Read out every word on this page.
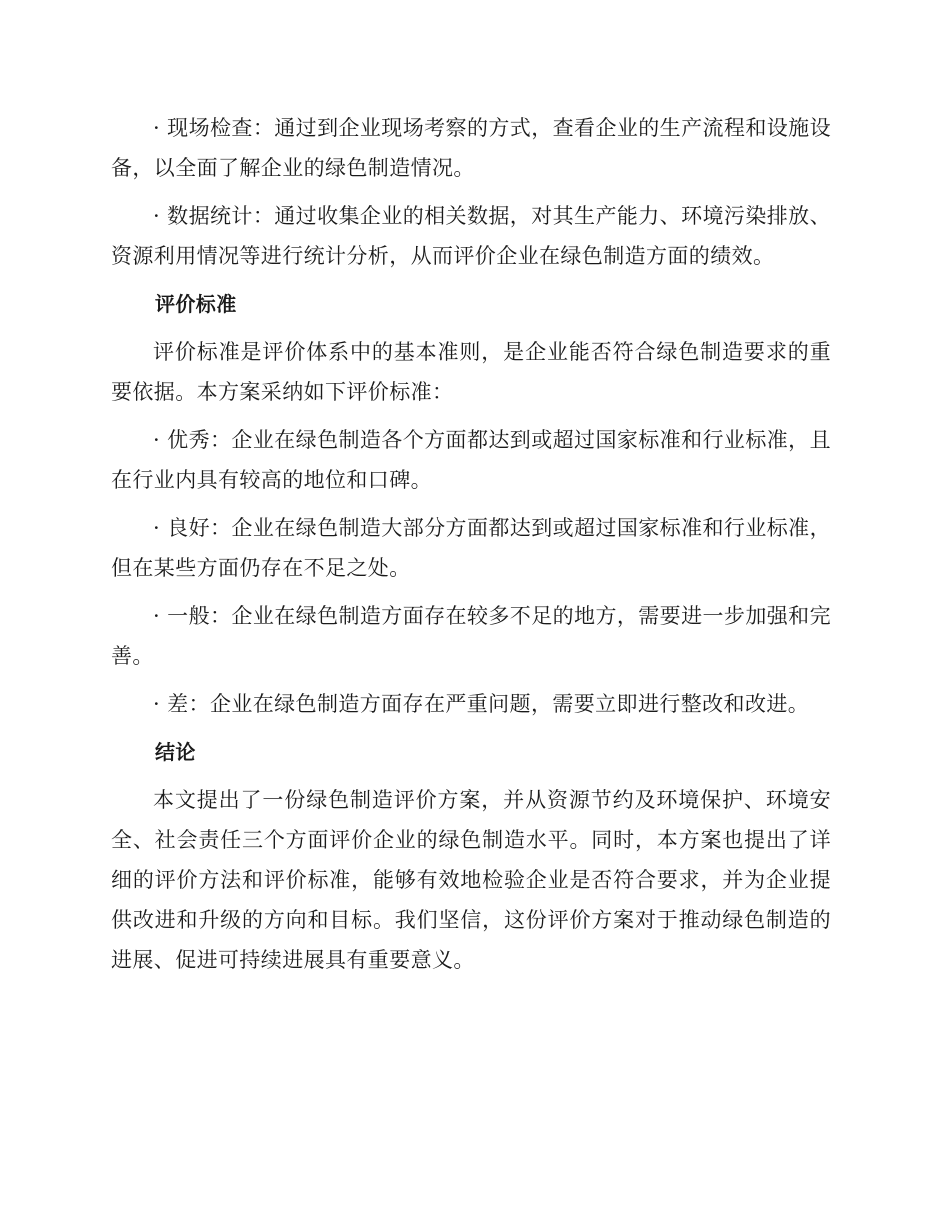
· 现场检查：通过到企业现场考察的方式，查看企业的生产流程和设施设备，以全面了解企业的绿色制造情况。

· 数据统计：通过收集企业的相关数据，对其生产能力、环境污染排放、资源利用情况等进行统计分析，从而评价企业在绿色制造方面的绩效。

评价标准

评价标准是评价体系中的基本准则，是企业能否符合绿色制造要求的重要依据。本方案采纳如下评价标准：

· 优秀：企业在绿色制造各个方面都达到或超过国家标准和行业标准，且在行业内具有较高的地位和口碑。

· 良好：企业在绿色制造大部分方面都达到或超过国家标准和行业标准，但在某些方面仍存在不足之处。

· 一般：企业在绿色制造方面存在较多不足的地方，需要进一步加强和完善。

· 差：企业在绿色制造方面存在严重问题，需要立即进行整改和改进。

结论

本文提出了一份绿色制造评价方案，并从资源节约及环境保护、环境安全、社会责任三个方面评价企业的绿色制造水平。同时，本方案也提出了详细的评价方法和评价标准，能够有效地检验企业是否符合要求，并为企业提供改进和升级的方向和目标。我们坚信，这份评价方案对于推动绿色制造的进展、促进可持续进展具有重要意义。
